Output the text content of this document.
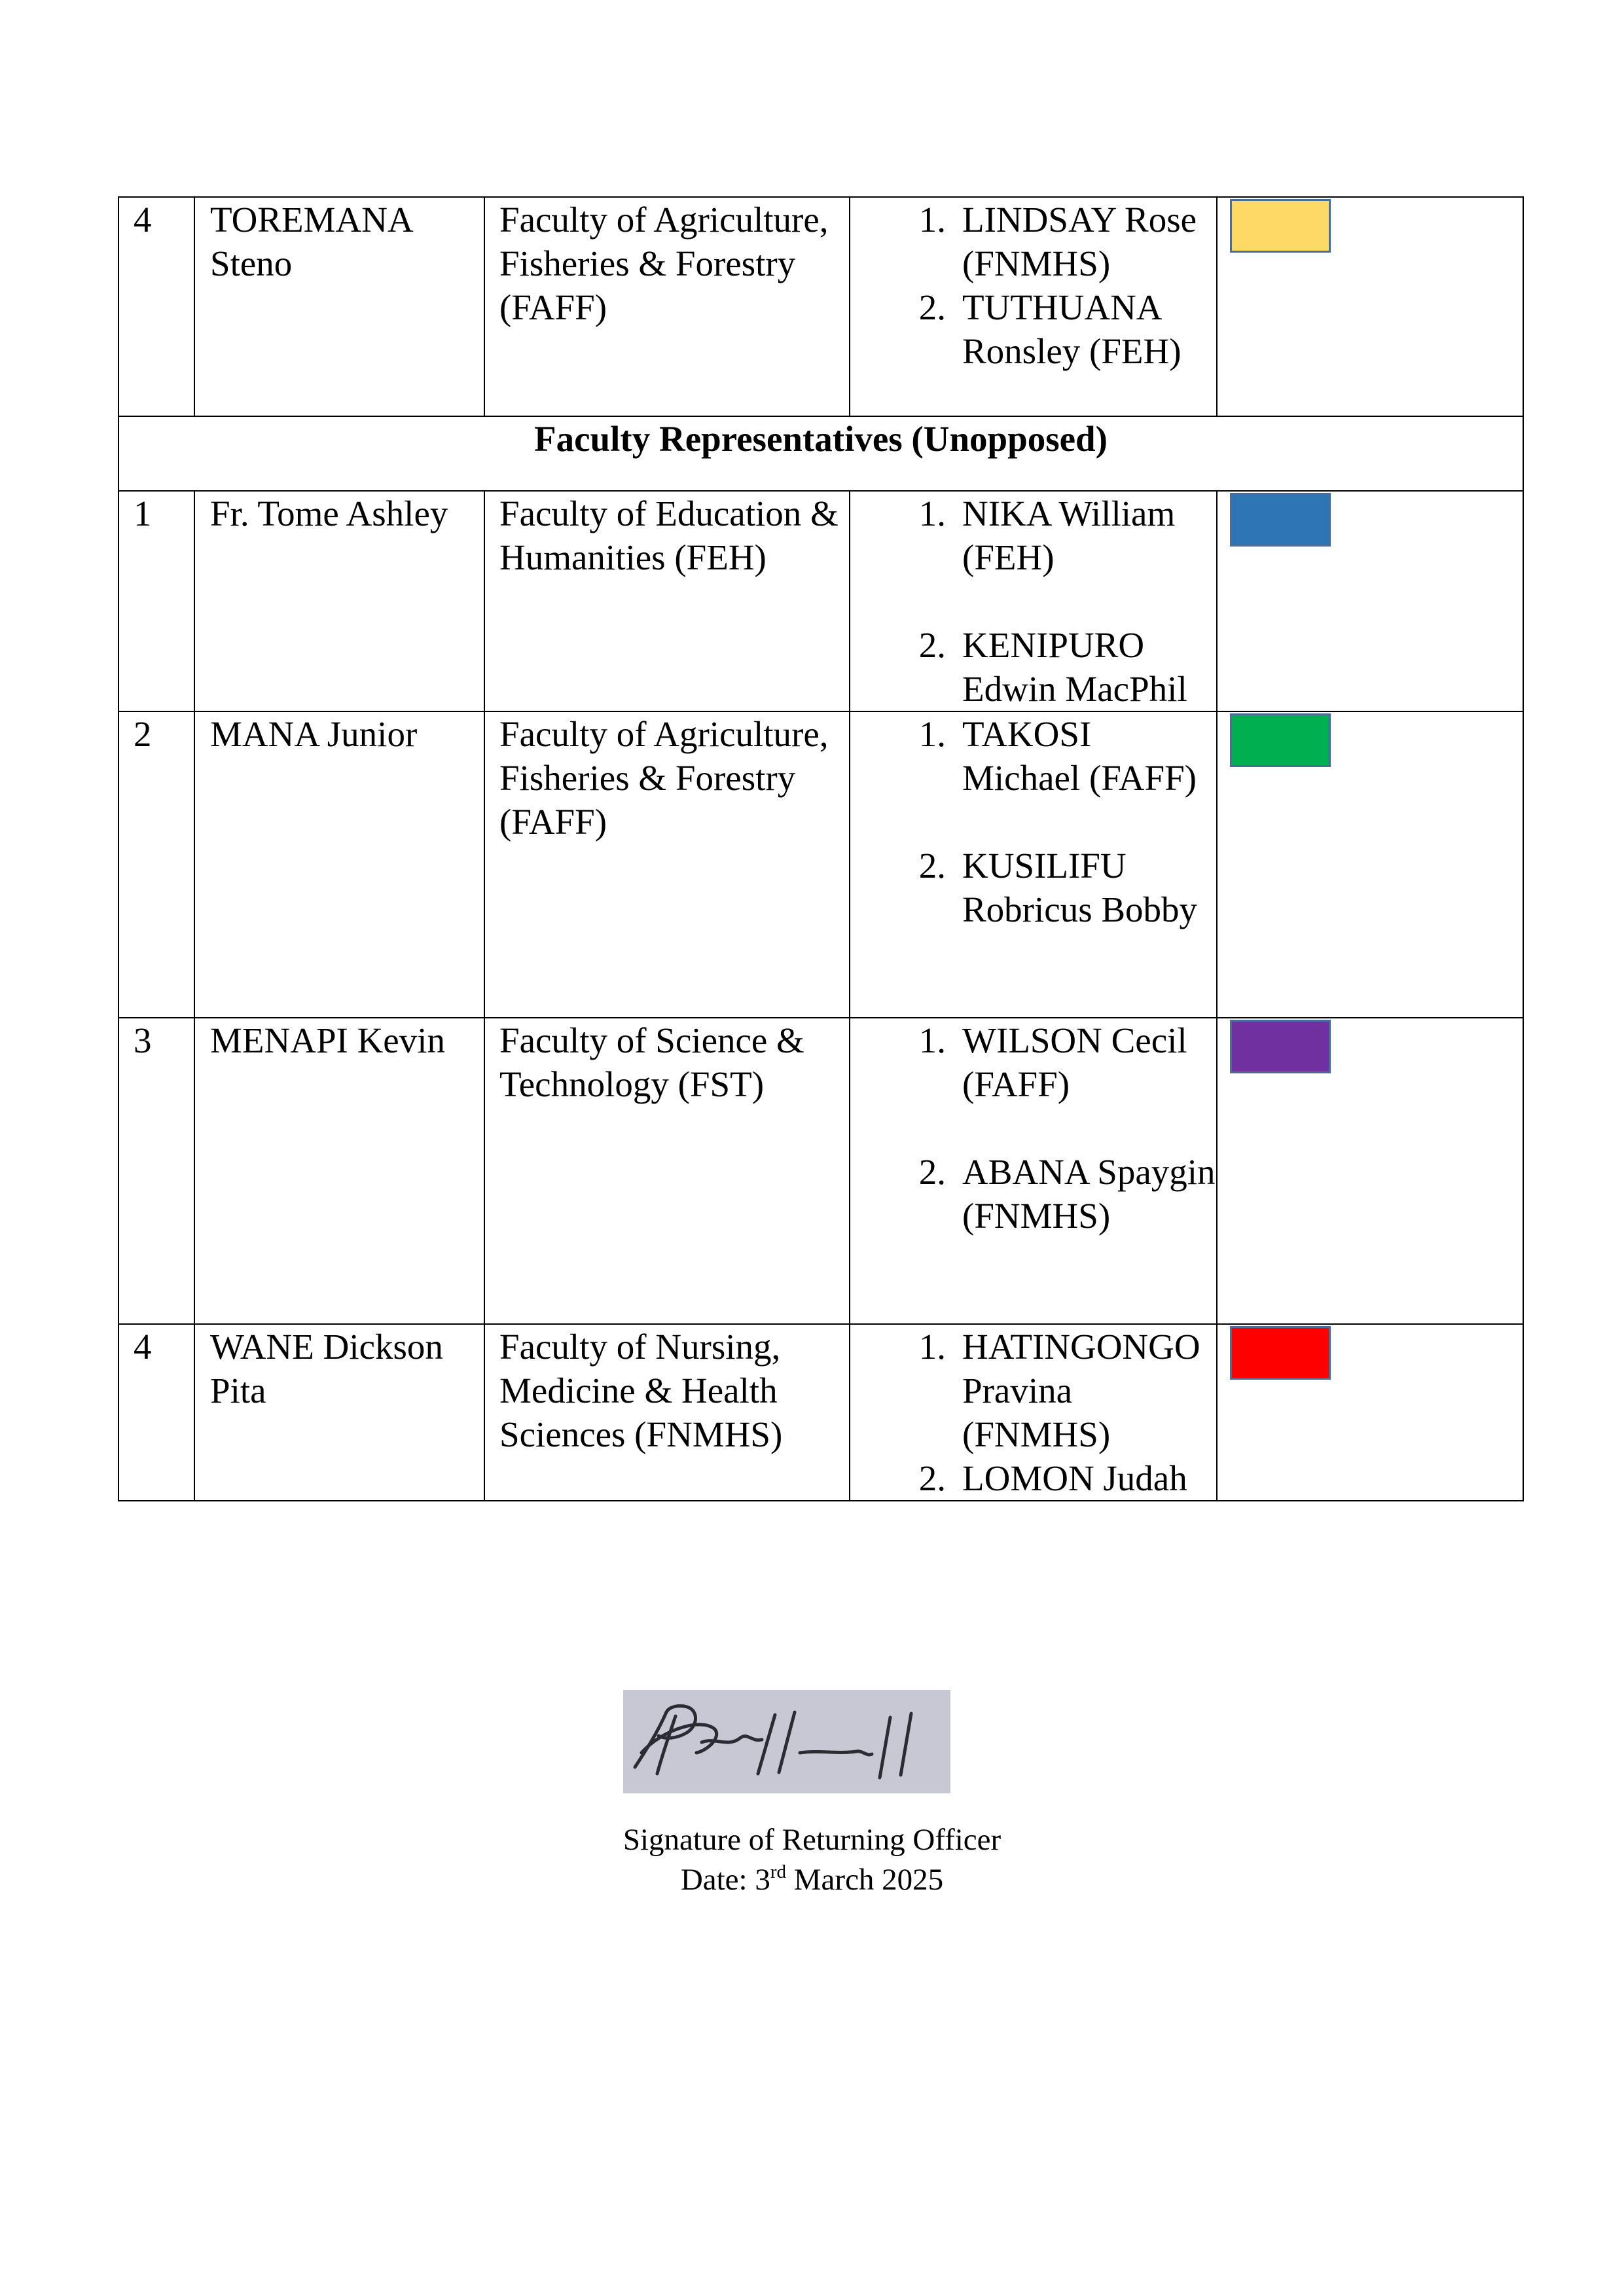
4	TOREMANA Steno	Faculty of Agriculture, Fisheries & Forestry (FAFF)	1. LINDSAY Rose (FNMHS)
2. TUTHUANA Ronsley (FEH)	

Faculty Representatives (Unopposed)				
1	Fr. Tome Ashley	Faculty of Education & Humanities (FEH)	1. NIKA William (FEH)
2. KENIPURO Edwin MacPhil	

2	MANA Junior	Faculty of Agriculture, Fisheries & Forestry (FAFF)	1. TAKOSI Michael (FAFF)
2. KUSILIFU Robricus Bobby	

3	MENAPI Kevin	Faculty of Science & Technology (FST)	1. WILSON Cecil (FAFF)
2. ABANA Spaygin (FNMHS)	

4	WANE Dickson Pita	Faculty of Nursing, Medicine & Health Sciences (FNMHS)	1. HATINGONGO Pravina (FNMHS)
2. LOMON Judah	

Signature of Returning Officer
Date: 3rd March 2025
